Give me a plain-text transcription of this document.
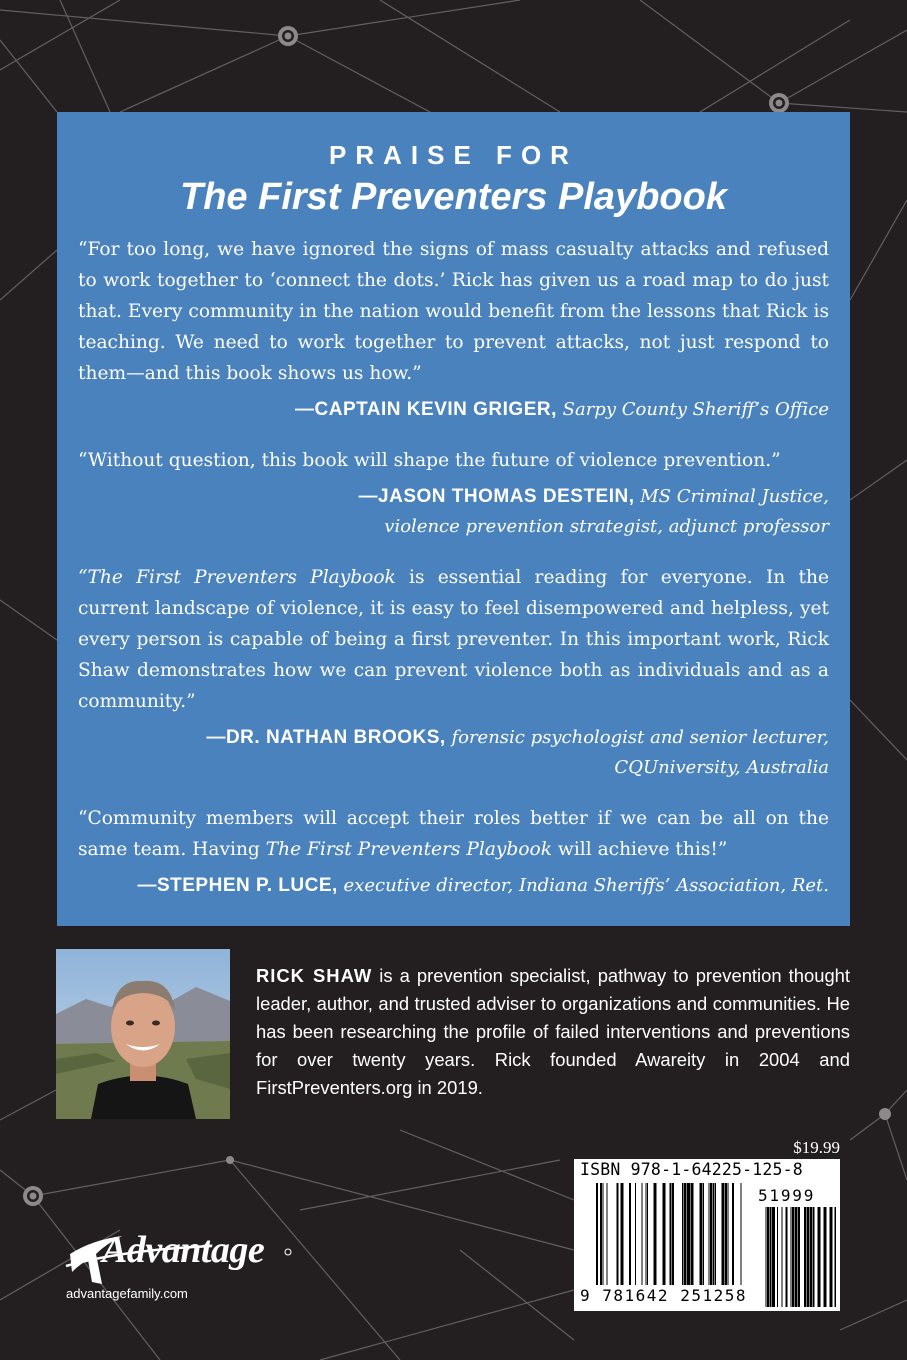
PRAISE FOR
The First Preventers Playbook

“For too long, we have ignored the signs of mass casualty attacks and refused to work together to ‘connect the dots.’ Rick has given us a road map to do just that. Every community in the nation would benefit from the lessons that Rick is teaching. We need to work together to prevent attacks, not just respond to them—and this book shows us how.”

—CAPTAIN KEVIN GRIGER, Sarpy County Sheriff’s Office

“Without question, this book will shape the future of violence prevention.”

—JASON THOMAS DESTEIN, MS Criminal Justice,
violence prevention strategist, adjunct professor

“The First Preventers Playbook is essential reading for everyone. In the current landscape of violence, it is easy to feel disempowered and helpless, yet every person is capable of being a first preventer. In this important work, Rick Shaw demonstrates how we can prevent violence both as individuals and as a community.”

—DR. NATHAN BROOKS, forensic psychologist and senior lecturer,
CQUniversity, Australia

“Community members will accept their roles better if we can be all on the same team. Having The First Preventers Playbook will achieve this!”

—STEPHEN P. LUCE, executive director, Indiana Sheriffs’ Association, Ret.

RICK SHAW is a prevention specialist, pathway to prevention thought leader, author, and trusted adviser to organizations and communities. He has been researching the profile of failed interventions and preventions for over twenty years. Rick founded Awareity in 2004 and FirstPreventers.org in 2019.

$19.99
ISBN 978-1-64225-125-8
51999
9 781642 251258
Advantage
advantagefamily.com
